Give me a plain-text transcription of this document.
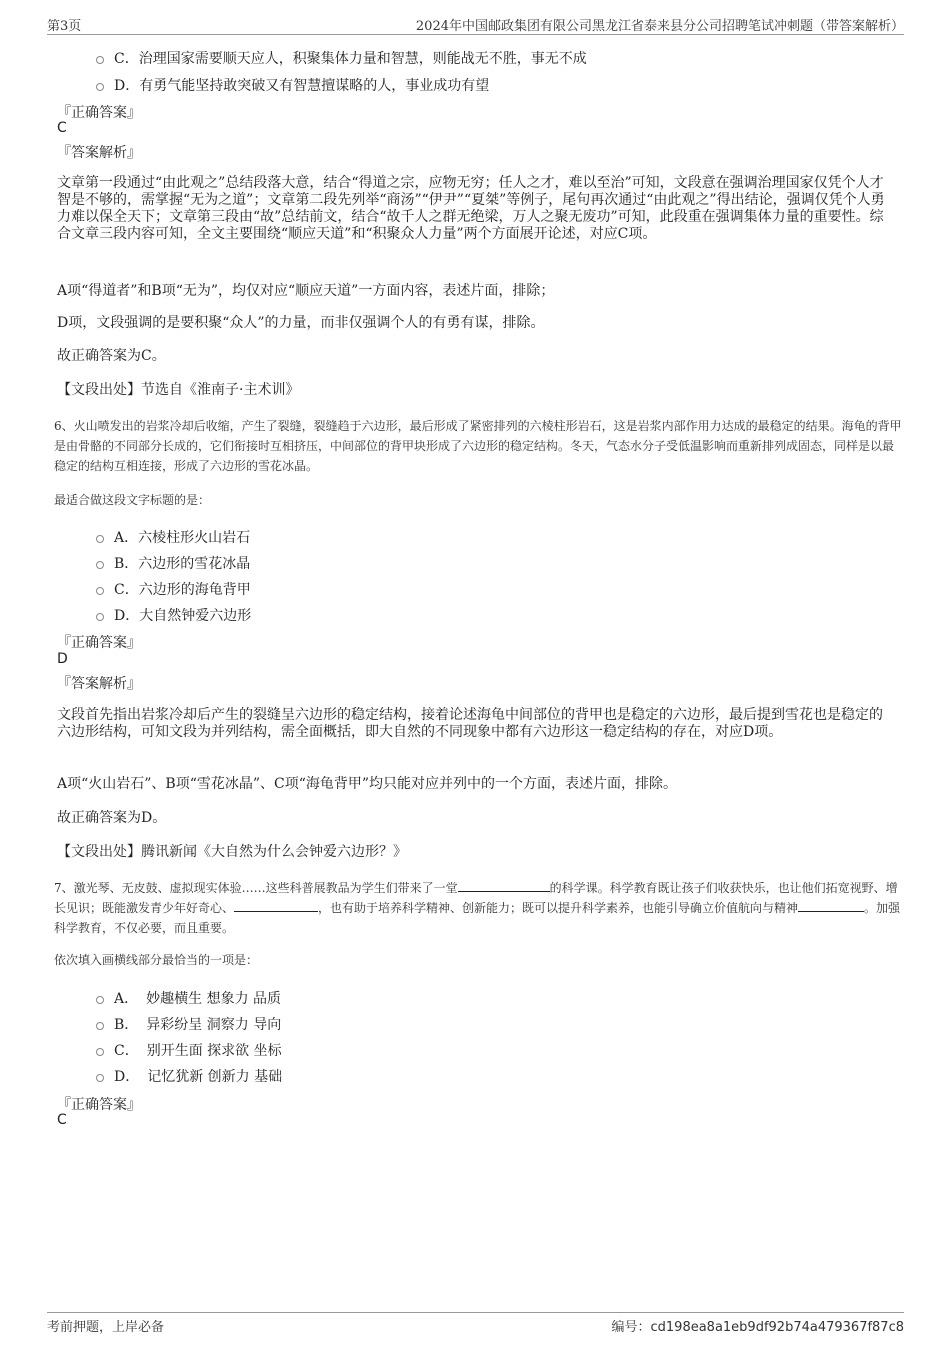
第3页	2024年中国邮政集团有限公司黑龙江省泰来县分公司招聘笔试冲刺题（带答案解析）
C． 治理国家需要顺天应人，积聚集体力量和智慧，则能战无不胜，事无不成
D． 有勇气能坚持敢突破又有智慧擅谋略的人，事业成功有望
『正确答案』
C
『答案解析』
文章第一段通过“由此观之”总结段落大意，结合“得道之宗，应物无穷；任人之才，难以至治”可知，文段意在强调治理国家仅凭个人才智是不够的，需掌握“无为之道”；文章第二段先列举“商汤”“伊尹”“夏桀”等例子，尾句再次通过“由此观之”得出结论，强调仅凭个人勇力难以保全天下；文章第三段由“故”总结前文，结合“故千人之群无绝梁，万人之聚无废功”可知，此段重在强调集体力量的重要性。综合文章三段内容可知，全文主要围绕“顺应天道”和“积聚众人力量”两个方面展开论述，对应C项。
A项“得道者”和B项“无为”，均仅对应“顺应天道”一方面内容，表述片面，排除；
D项，文段强调的是要积聚“众人”的力量，而非仅强调个人的有勇有谋，排除。
故正确答案为C。
【文段出处】节选自《淮南子·主术训》
6、火山喷发出的岩浆冷却后收缩，产生了裂缝，裂缝趋于六边形，最后形成了紧密排列的六棱柱形岩石，这是岩浆内部作用力达成的最稳定的结果。海龟的背甲是由骨骼的不同部分长成的，它们衔接时互相挤压，中间部位的背甲块形成了六边形的稳定结构。冬天，气态水分子受低温影响而重新排列成固态，同样是以最稳定的结构互相连接，形成了六边形的雪花冰晶。
最适合做这段文字标题的是：
A． 六棱柱形火山岩石
B． 六边形的雪花冰晶
C． 六边形的海龟背甲
D． 大自然钟爱六边形
『正确答案』
D
『答案解析』
文段首先指出岩浆冷却后产生的裂缝呈六边形的稳定结构，接着论述海龟中间部位的背甲也是稳定的六边形，最后提到雪花也是稳定的六边形结构，可知文段为并列结构，需全面概括，即大自然的不同现象中都有六边形这一稳定结构的存在，对应D项。
A项“火山岩石”、B项“雪花冰晶”、C项“海龟背甲”均只能对应并列中的一个方面，表述片面，排除。
故正确答案为D。
【文段出处】腾讯新闻《大自然为什么会钟爱六边形？》
7、激光琴、无皮鼓、虚拟现实体验……这些科普展教品为学生们带来了一堂	的科学课。科学教育既让孩子们收获快乐，也让他们拓宽视野、增长见识；既能激发青少年好奇心、	，也有助于培养科学精神、创新能力；既可以提升科学素养，也能引导确立价值航向与精神	。加强科学教育，不仅必要，而且重要。
依次填入画横线部分最恰当的一项是：
A． 妙趣横生 想象力 品质
B． 异彩纷呈 洞察力 导向
C． 别开生面 探求欲 坐标
D． 记忆犹新 创新力 基础
『正确答案』
C
考前押题，上岸必备	编号：cd198ea8a1eb9df92b74a479367f87c8
